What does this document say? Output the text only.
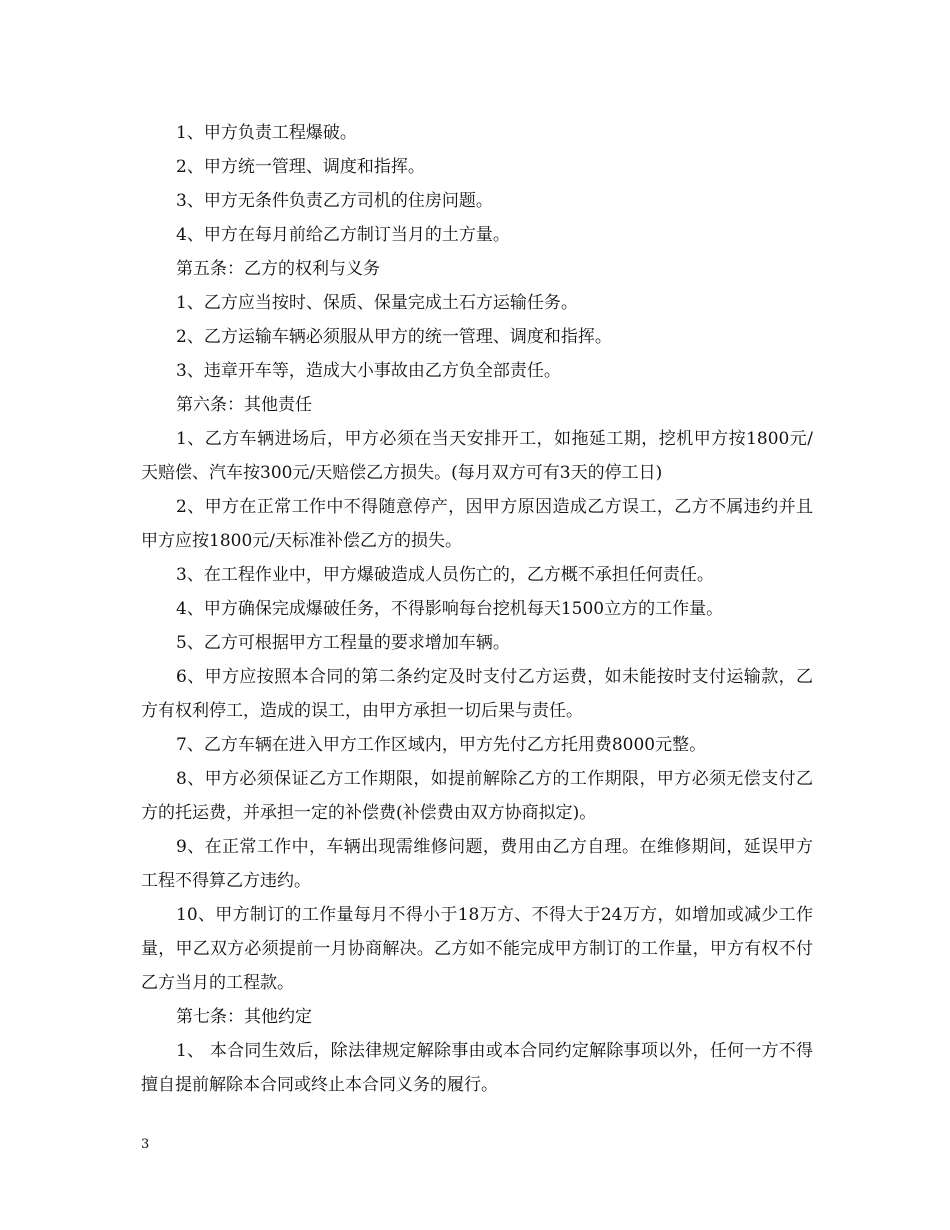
1、甲方负责工程爆破。

2、甲方统一管理、调度和指挥。

3、甲方无条件负责乙方司机的住房问题。

4、甲方在每月前给乙方制订当月的土方量。

第五条：乙方的权利与义务

1、乙方应当按时、保质、保量完成土石方运输任务。

2、乙方运输车辆必须服从甲方的统一管理、调度和指挥。

3、违章开车等，造成大小事故由乙方负全部责任。

第六条：其他责任

1、乙方车辆进场后，甲方必须在当天安排开工，如拖延工期，挖机甲方按1800元/天赔偿、汽车按300元/天赔偿乙方损失。(每月双方可有3天的停工日)

2、甲方在正常工作中不得随意停产，因甲方原因造成乙方误工，乙方不属违约并且甲方应按1800元/天标准补偿乙方的损失。

3、在工程作业中，甲方爆破造成人员伤亡的，乙方概不承担任何责任。

4、甲方确保完成爆破任务，不得影响每台挖机每天1500立方的工作量。

5、乙方可根据甲方工程量的要求增加车辆。

6、甲方应按照本合同的第二条约定及时支付乙方运费，如未能按时支付运输款，乙方有权利停工，造成的误工，由甲方承担一切后果与责任。

7、乙方车辆在进入甲方工作区域内，甲方先付乙方托用费8000元整。

8、甲方必须保证乙方工作期限，如提前解除乙方的工作期限，甲方必须无偿支付乙方的托运费，并承担一定的补偿费(补偿费由双方协商拟定)。

9、在正常工作中，车辆出现需维修问题，费用由乙方自理。在维修期间，延误甲方工程不得算乙方违约。

10、甲方制订的工作量每月不得小于18万方、不得大于24万方，如增加或减少工作量，甲乙双方必须提前一月协商解决。乙方如不能完成甲方制订的工作量，甲方有权不付乙方当月的工程款。

第七条：其他约定

1、 本合同生效后，除法律规定解除事由或本合同约定解除事项以外，任何一方不得擅自提前解除本合同或终止本合同义务的履行。

3
